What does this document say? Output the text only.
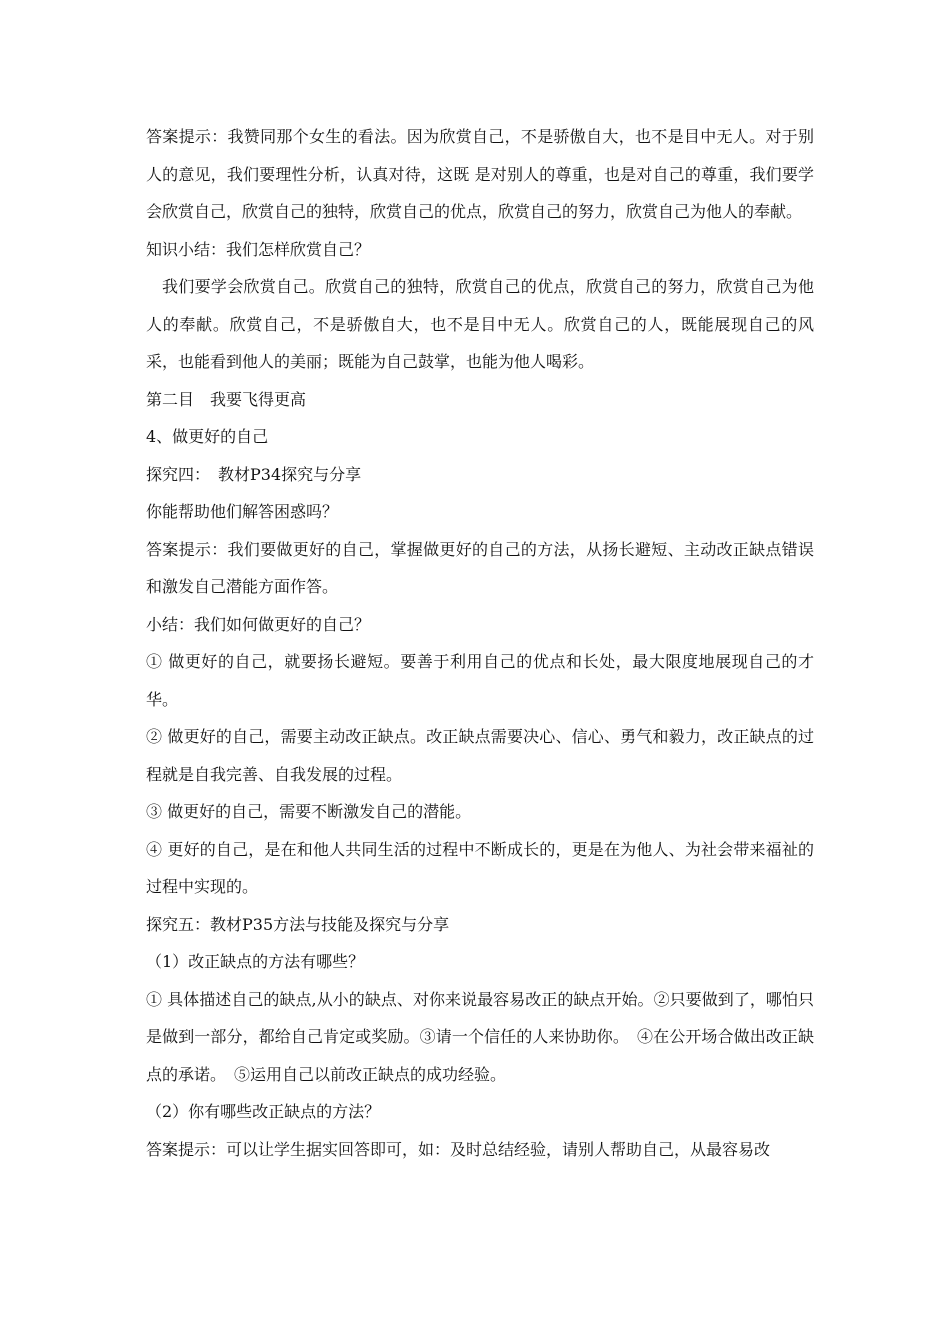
答案提示：我赞同那个女生的看法。因为欣赏自己，不是骄傲自大，也不是目中无人。对于别人的意见，我们要理性分析，认真对待，这既 是对别人的尊重，也是对自己的尊重，我们要学会欣赏自己，欣赏自己的独特，欣赏自己的优点，欣赏自己的努力，欣赏自己为他人的奉献。

知识小结：我们怎样欣赏自己？

我们要学会欣赏自己。欣赏自己的独特，欣赏自己的优点，欣赏自己的努力，欣赏自己为他人的奉献。欣赏自己，不是骄傲自大，也不是目中无人。欣赏自己的人，既能展现自己的风采，也能看到他人的美丽；既能为自己鼓掌，也能为他人喝彩。

第二目　我要飞得更高

4、做更好的自己

探究四：　教材P34探究与分享

你能帮助他们解答困惑吗？

答案提示：我们要做更好的自己，掌握做更好的自己的方法，从扬长避短、主动改正缺点错误和激发自己潜能方面作答。

小结：我们如何做更好的自己？

① 做更好的自己，就要扬长避短。要善于利用自己的优点和长处，最大限度地展现自己的才华。

② 做更好的自己，需要主动改正缺点。改正缺点需要决心、信心、勇气和毅力，改正缺点的过程就是自我完善、自我发展的过程。

③ 做更好的自己，需要不断激发自己的潜能。

④ 更好的自己，是在和他人共同生活的过程中不断成长的，更是在为他人、为社会带来福祉的过程中实现的。

探究五：教材P35方法与技能及探究与分享

（1）改正缺点的方法有哪些？

① 具体描述自己的缺点,从小的缺点、对你来说最容易改正的缺点开始。②只要做到了，哪怕只是做到一部分，都给自己肯定或奖励。③请一个信任的人来协助你。　④在公开场合做出改正缺点的承诺。　⑤运用自己以前改正缺点的成功经验。

（2）你有哪些改正缺点的方法？

答案提示：可以让学生据实回答即可，如：及时总结经验，请别人帮助自己，从最容易改
